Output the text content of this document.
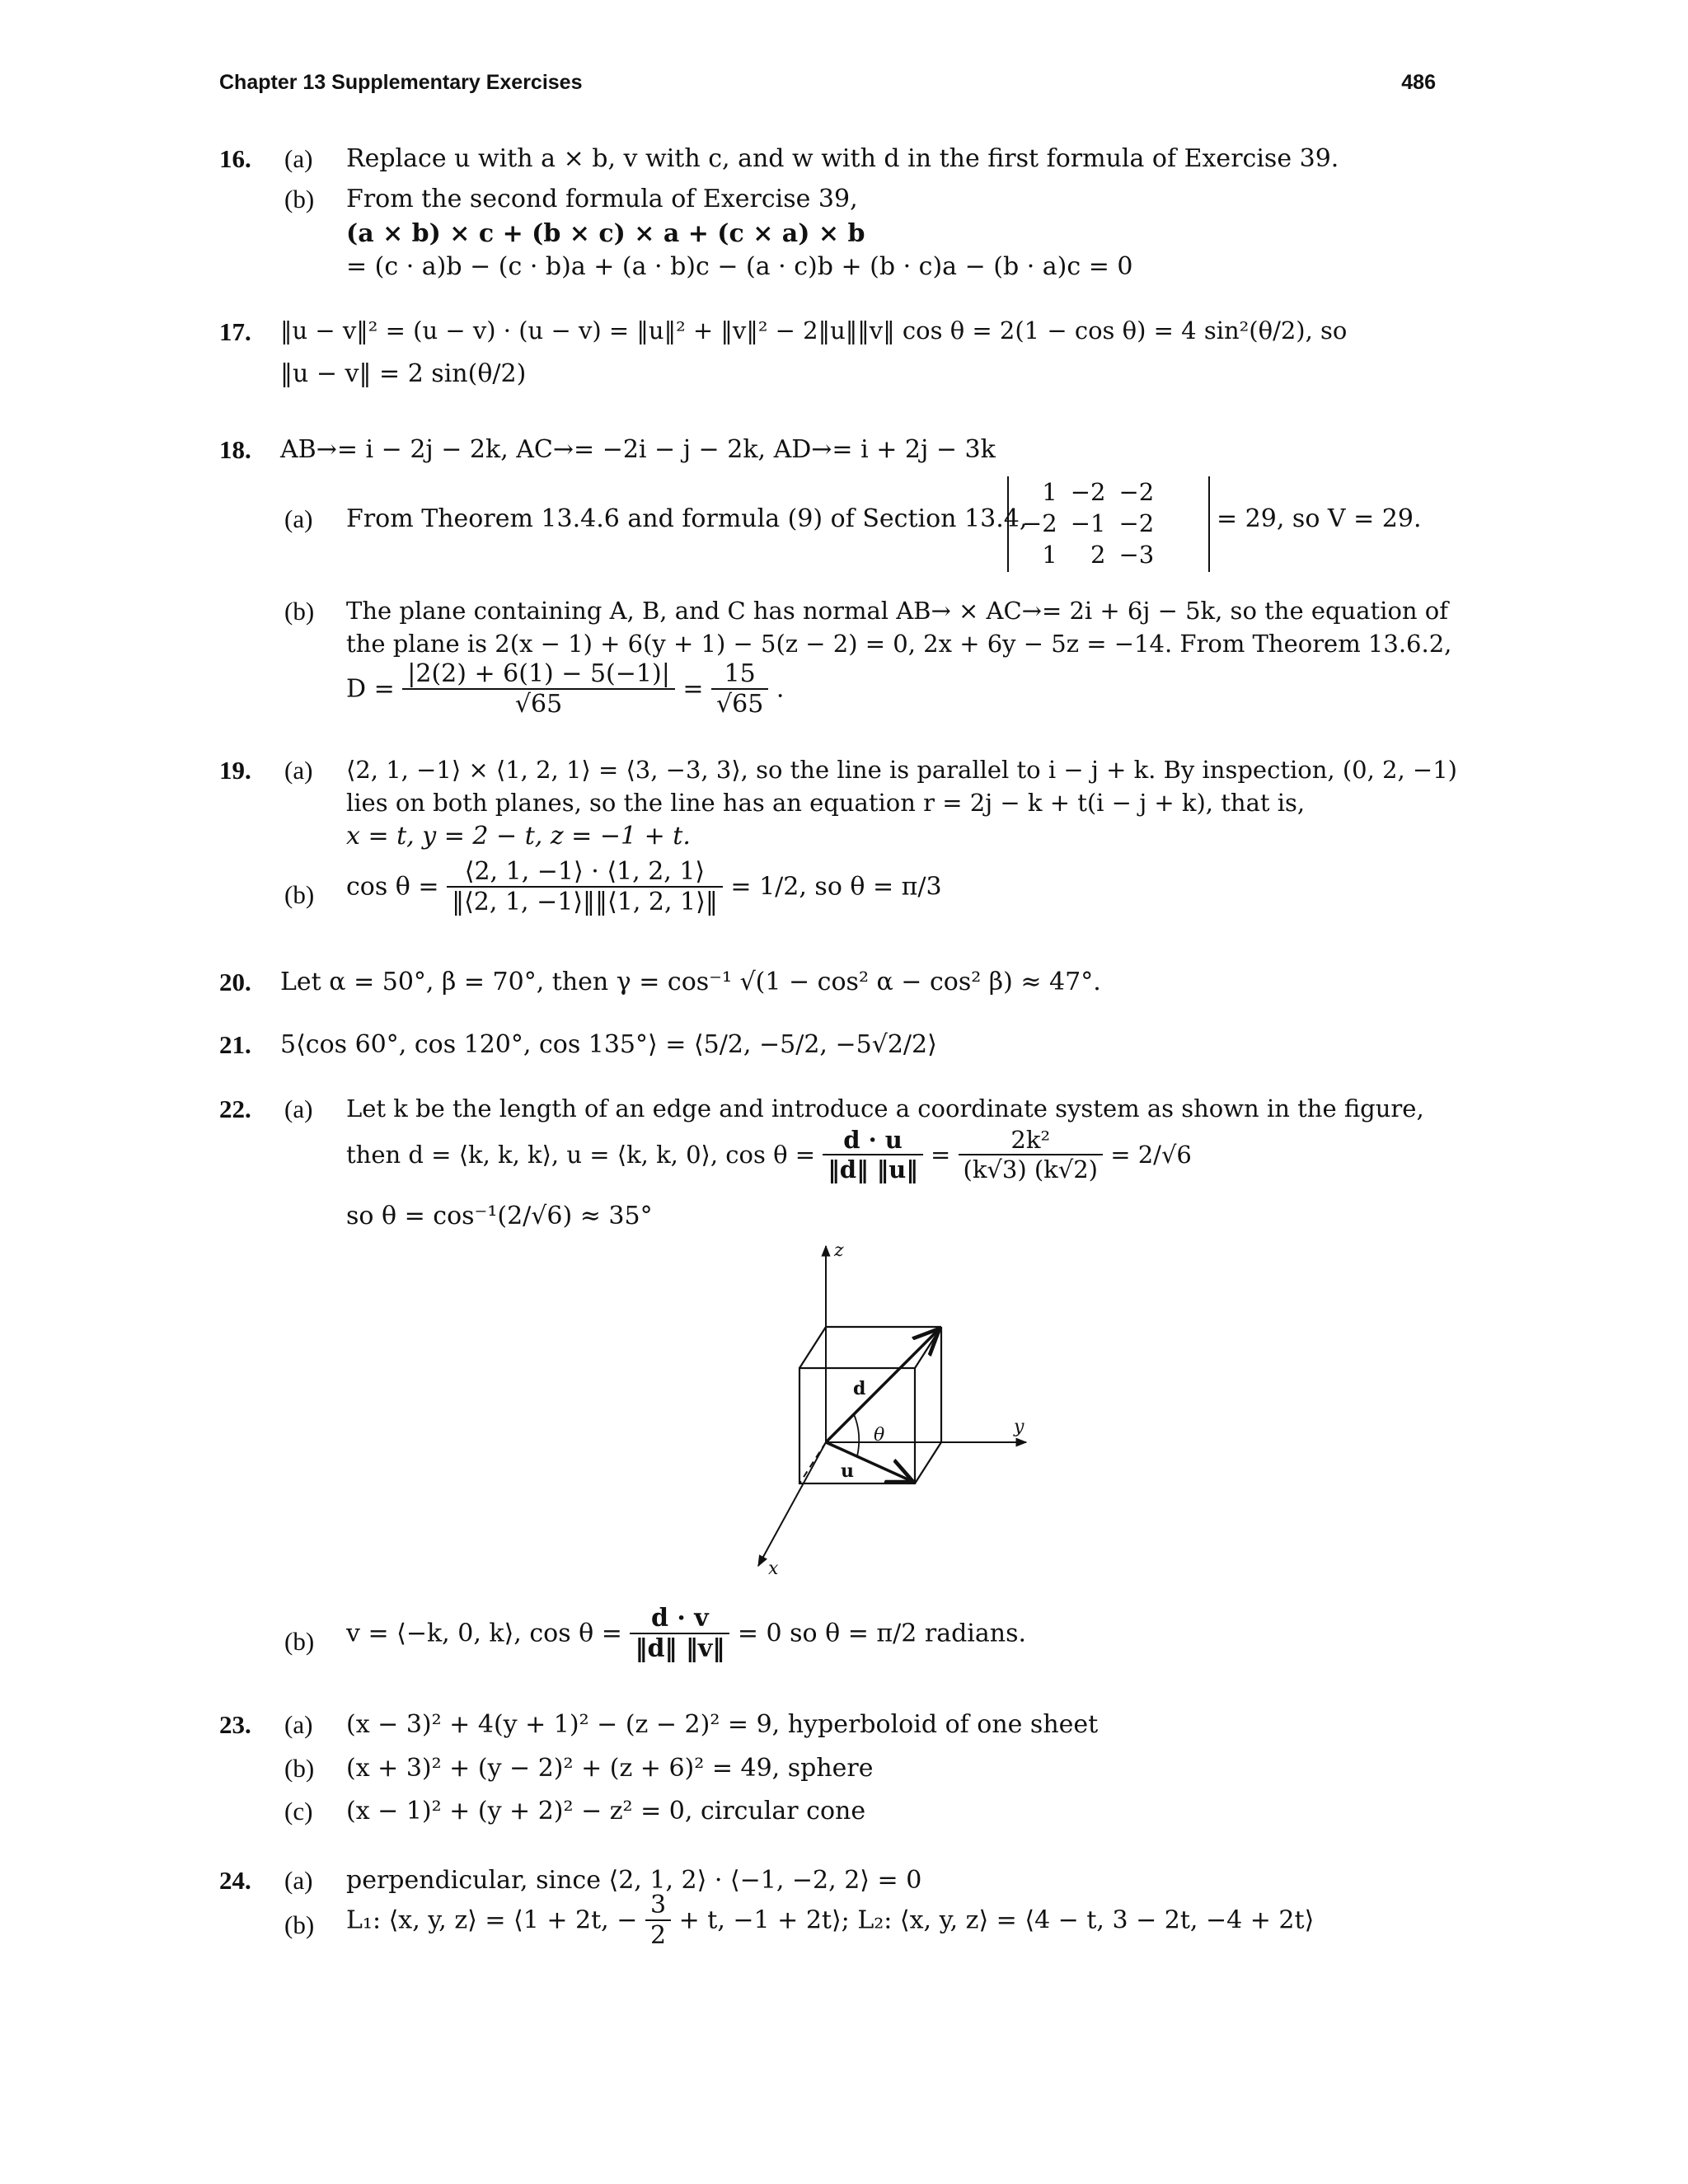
Chapter 13 Supplementary Exercises	486
16. (a) Replace u with a × b, v with c, and w with d in the first formula of Exercise 39.
(b) From the second formula of Exercise 39,
(a × b) × c + (b × c) × a + (c × a) × b
= (c · a)b − (c · b)a + (a · b)c − (a · c)b + (b · c)a − (b · a)c = 0
17. ‖u − v‖² = (u − v) · (u − v) = ‖u‖² + ‖v‖² − 2‖u‖‖v‖ cos θ = 2(1 − cos θ) = 4 sin²(θ/2), so
‖u − v‖ = 2 sin(θ/2)
18. AB→= i − 2j − 2k, AC→= −2i − j − 2k, AD→= i + 2j − 3k
(a) From Theorem 13.4.6 and formula (9) of Section 13.4,
1	−2	−2
−2	−1	−2
1	2	−3
= 29, so V = 29.
(b) The plane containing A, B, and C has normal AB→ × AC→= 2i + 6j − 5k, so the equation of
the plane is 2(x − 1) + 6(y + 1) − 5(z − 2) = 0, 2x + 6y − 5z = −14. From Theorem 13.6.2,
$D = \frac{|2(2) + 6(1) - 5(-1)|}{√65} = \frac{15}{√65}$ .
19. (a) ⟨2, 1, −1⟩ × ⟨1, 2, 1⟩ = ⟨3, −3, 3⟩, so the line is parallel to i − j + k. By inspection, (0, 2, −1)
lies on both planes, so the line has an equation r = 2j − k + t(i − j + k), that is,
x = t, y = 2 − t, z = −1 + t.
(b) $\cos \theta = \frac{⟨2, 1, -1⟩ \cdot ⟨1, 2, 1⟩}{‖⟨2, 1, -1⟩‖‖⟨1, 2, 1⟩‖} = 1/2$, so θ = π/3
20. Let α = 50°, β = 70°, then γ = cos⁻¹ √(1 − cos² α − cos² β) ≈ 47°.
21. 5⟨cos 60°, cos 120°, cos 135°⟩ = ⟨5/2, −5/2, −5√2/2⟩
22. (a) Let k be the length of an edge and introduce a coordinate system as shown in the figure,
then d = ⟨k, k, k⟩, u = ⟨k, k, 0⟩, $\cos \theta = \frac{d \cdot u}{‖d‖ ‖u‖} = \frac{\text{2k²}}{(k√3) (k√2)} = 2/√6$
so θ = cos⁻¹(2/√6) ≈ 35°
z
y
x
d
u
θ
(b) v = ⟨−k, 0, k⟩, $\cos \theta = \frac{d \cdot v}{‖d‖ ‖v‖} = 0$ so θ = π/2 radians.
23. (a) (x − 3)² + 4(y + 1)² − (z − 2)² = 9, hyperboloid of one sheet
(b) (x + 3)² + (y − 2)² + (z + 6)² = 49, sphere
(c) (x − 1)² + (y + 2)² − z² = 0, circular cone
24. (a) perpendicular, since ⟨2, 1, 2⟩ · ⟨−1, −2, 2⟩ = 0
(b) L₁: ⟨x, y, z⟩ = ⟨1 + 2t, − $\frac{3}{2} + t$, −1 + 2t⟩; L₂: ⟨x, y, z⟩ = ⟨4 − t, 3 − 2t, −4 + 2t⟩
